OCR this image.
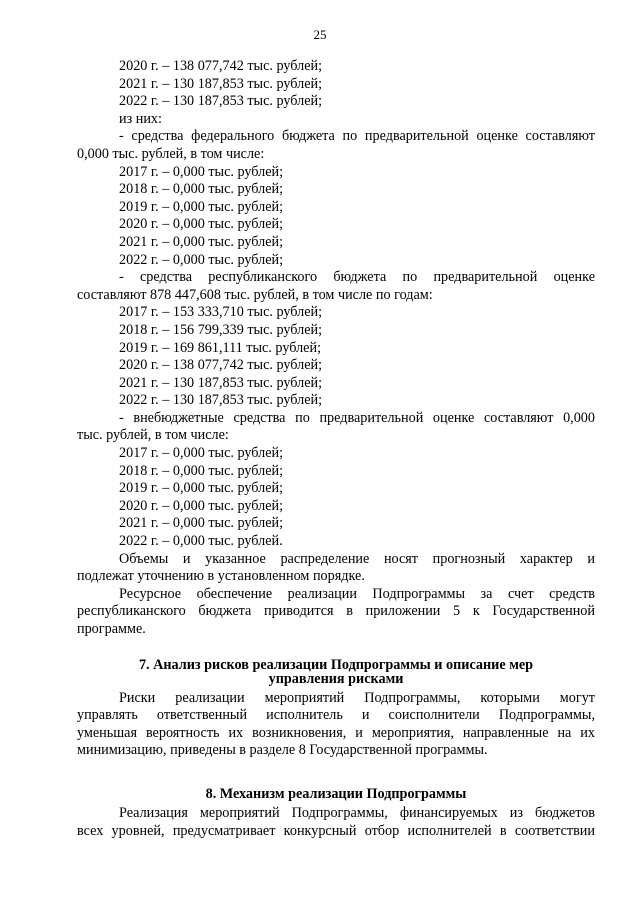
25
2020 г. – 138 077,742 тыс. рублей;
2021 г. – 130 187,853 тыс. рублей;
2022 г. – 130 187,853 тыс. рублей;
из них:
- средства федерального бюджета по предварительной оценке составляют
0,000 тыс. рублей, в том числе:
2017 г. – 0,000 тыс. рублей;
2018 г. – 0,000 тыс. рублей;
2019 г. – 0,000 тыс. рублей;
2020 г. – 0,000 тыс. рублей;
2021 г. – 0,000 тыс. рублей;
2022 г. – 0,000 тыс. рублей;
- средства республиканского бюджета по предварительной оценке
составляют 878 447,608 тыс. рублей, в том числе по годам:
2017 г. – 153 333,710 тыс. рублей;
2018 г. – 156 799,339 тыс. рублей;
2019 г. – 169 861,111 тыс. рублей;
2020 г. – 138 077,742 тыс. рублей;
2021 г. – 130 187,853 тыс. рублей;
2022 г. – 130 187,853 тыс. рублей;
- внебюджетные средства по предварительной оценке составляют 0,000
тыс. рублей, в том числе:
2017 г. – 0,000 тыс. рублей;
2018 г. – 0,000 тыс. рублей;
2019 г. – 0,000 тыс. рублей;
2020 г. – 0,000 тыс. рублей;
2021 г. – 0,000 тыс. рублей;
2022 г. – 0,000 тыс. рублей.
Объемы и указанное распределение носят прогнозный характер и
подлежат уточнению в установленном порядке.
Ресурсное обеспечение реализации Подпрограммы за счет средств
республиканского бюджета приводится в приложении 5 к Государственной
программе.
7. Анализ рисков реализации Подпрограммы и описание мер
управления рисками
Риски реализации мероприятий Подпрограммы, которыми могут
управлять ответственный исполнитель и соисполнители Подпрограммы,
уменьшая вероятность их возникновения, и мероприятия, направленные на их
минимизацию, приведены в разделе 8 Государственной программы.
8. Механизм реализации Подпрограммы
Реализация мероприятий Подпрограммы, финансируемых из бюджетов
всех уровней, предусматривает конкурсный отбор исполнителей в соответствии
